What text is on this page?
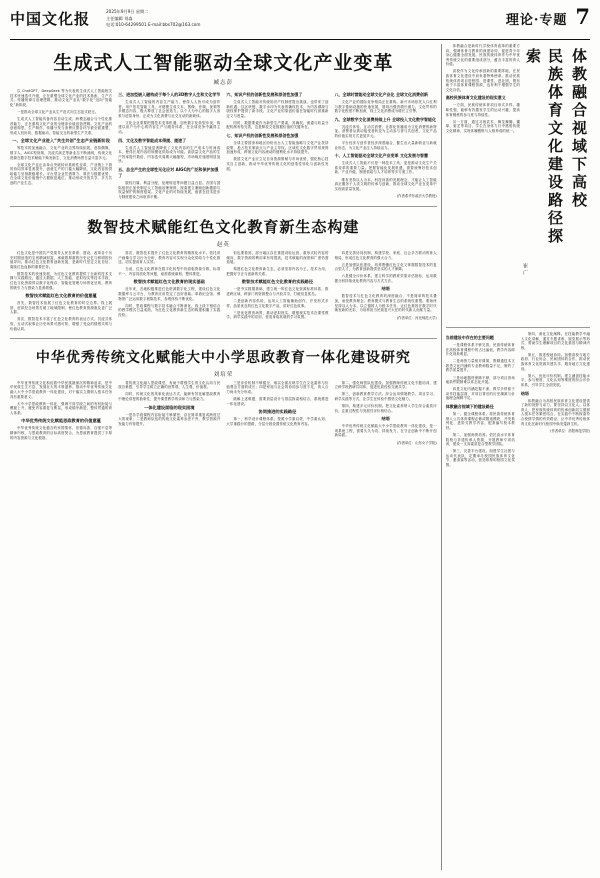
中国文化报	2025年9月9日 星期二
主任编辑 刘淼
电话:010-64299501 E-mail:bbs702@163.com	理论·专题 7
生成式人工智能驱动全球文化产业变革
臧志彭

以 ChatGPT、DeepSeek 等为代表的生成式人工智能相关技术快速迭代升级，正在重塑全球文化产业的技术基座、生产方式、传播规律与治理逻辑，推动文化产业从“数字化”迈向“智能化”新阶段。

一是推动全球文化产业从生产范式向生态范式跃迁。

生成式人工智能具备内容自动生成、跨模态融合与个性化推荐能力，正在重构文化产业的全链条价值创造逻辑。文化产品的创意构思、生产制作、传播分发与消费反馈各环节被全面重塑，形成人机协同、数据驱动、智能交互的新型生产关系。

一、全球文化产业进入“共生共创”生态产业链新阶段

等技术的加速融合，文化产业的边界持续拓展。虚拟偶像、数字人、AIGC短视频、沉浸式演艺等新业态不断涌现，传统文化资源在数字技术赋能下焕发新生，文化消费场景日益丰富多元。

全球文化产业正由单点突破转向系统性变革，产业链上下游的协同效率显著提升，创意生产的门槛大幅降低，文化内容的供给能力呈指数级增长。平台型企业凭借算力、算法与数据优势，在全球文化价值链中占据枢纽地位，推动形成开放共享、多方共创的产业生态。

三、进加型嵌入磁构成于每个人的3D数字人生和文化学节

生成式人工智能的内容生产能力，使得人人皆可成为创作者。用户依托智能工具，可便捷生成文本、图像、音频、视频等多模态内容，极大释放了社会创造力。以个人为中心的数字人形象与虚拟身份，正成为文化消费与社交互动的新载体。

文化企业需要把握技术变革机遇，加快数字化转型步伐，构建以用户为中心的内容生产与服务体系，在全球竞争中赢得主动。

四、文化及数字智能成本得提、提速了

生成式人工智能显著降低了文化内容的生产成本与时间成本，使得长尾内容的规模化供给成为可能。高质量文化产品的生产效率提升数倍，内容迭代周期大幅缩短，市场响应速度明显加快。

五、总全产生的全球性无化应对 AIGC的广泛和保护加强了

版权归属、利益分配、伦理规范等问题日益凸显。各国与国际组织正加快制定人工智能治理规则，探索建立兼顾创新激励与权益保护的制度框架。文化产业的可持续发展，亟需在技术进步与制度建设之间取得平衡。

六、知识产权的创新性发展和原创性加强了

生成式人工智能对传统知识产权制度提出挑战，也带来了创新机遇。以区块链、数字水印为代表的确权技术，为内容溯源与版权保护提供了新手段。文化产业的原创价值在智能时代被重新定义与度量。

同时，数据要素作为新型生产要素，其确权、流通与收益分配机制有待完善，这是释放文化数据价值的关键所在。

七、知识产权的创新性发展和原创性加强

全球主要国家和地区纷纷出台人工智能战略与文化产业扶持政策，抢占技术制高点与产业主导权。区域性文化数字贸易规则加速形成，跨境文化内容流动的便利化水平持续提升。

我国文化产业应立足自身资源禀赋与市场优势，强化核心技术自主创新，推动中华优秀传统文化的创造性转化与创新性发展。

八、全球时营能动全球文化产业化 全球文化消费创新

文化产业的国际竞争格局正在重构。新兴市场依托人口红利与数字基础设施的快速发展，展现出强劲增长潜力。文化贸易的数字化程度不断加深，线上文化消费成为增长主引擎。

九、全球数字文化消费持续上升 全球投入文化数字智能化

沉浸式体验、互动式消费、社群化传播成为文化消费的新特征。消费者从被动接受者转变为主动参与者与共创者，文化产品的价值实现方式更加多元。

平台经济与创作者经济深度融合，催生出大量新职业与新就业形态，为文化产业注入持续活力。

十、人工智能驱动全球文化产业变革 文化发展与智慧

生成式人工智能不仅是一种技术工具，更是推动文化生产关系变革的重要力量。把握智能化发展机遇，需要统筹好技术创新、产业升级、制度供给与人才培养等多方面工作。

唯有坚持以人为本、科技向善的发展理念，才能让人工智能真正服务于人类文明的传承与创新，推动全球文化产业在变革中实现高质量发展。

(作者系华东政法大学教授)
数智技术赋能红色文化教育新生态构建
赵英

红色文化是中国共产党领导人民在革命、建设、改革各个历史时期创造的宝贵精神财富，承载着厚重的历史记忆与鲜明的价值导向。推动红色文化教育创新发展，是新时代坚定文化自信、赓续红色血脉的重要任务。

数智技术的快速发展，为红色文化教育提供了全新的技术支撑与实践路径。通过大数据、人工智能、虚拟现实等技术手段，红色文化资源得以数字化保存、智能化管理与场景化呈现，教育的吸引力与感染力显著增强。

数智技术赋能红色文化教育的价值意蕴

首先，数智技术拓展了红色文化教育的时空边界。线上展馆、虚拟纪念场景打破了地域限制，使红色教育资源惠及更广泛人群。

其次，数智技术丰富了红色文化教育的表达方式。沉浸式体验、互动式叙事让历史场景可感可知，增强了受众的情感共鸣与价值认同。

再次，数智技术提升了红色文化教育的精准化水平。依托用户画像与学习行为分析，教育内容可实现分众化供给与个性化推送，切实提高育人实效。

当前，红色文化教育在数字化转型中仍面临资源分散、标准不一、内容同质化等问题，亟需系统谋划、整体推进。

数智技术赋能红色文化教育的现实基础

近年来，各地积极推进红色资源数字化工程，建设红色文化数据库与云平台，为教育应用奠定了良好基础。革命纪念馆、博物馆广泛运用数字展陈技术，参观体验不断优化。

同时，思政课程与数字技术融合不断深化，线上线下相结合的教学模式日益成熟，为红色文化教育新生态的构建积累了实践经验。

但也要看到，部分地区存在重建设轻运营、重形式轻内容的倾向，数字资源的利用率有待提高，技术赋能的深度和广度仍需拓展。

构建红色文化教育新生态，必须坚持内容为王、技术为用，把握好守正与创新的关系。

数智技术赋能红色文化教育的实践路径

一是夯实数据基础，建立统一的红色文化资源标准体系，推进跨区域、跨部门的资源整合与开放共享，打破信息孤岛。

二是创新内容供给，运用人工智能辅助创作，开发形式多样、品质优良的红色文化数字产品，讲好红色故事。

三是优化教育场景，推动虚拟现实、增强现实技术在课堂教学、研学实践中的应用，营造身临其境的学习氛围。

四是完善协同机制，构建学校、家庭、社会多方联动的育人格局，形成红色文化教育的强大合力。

五是加强队伍建设，培养既懂红色文化又掌握数智技术的复合型人才，为教育创新提供坚实的人才保障。

六是健全评价体系，建立科学的教育效果评估指标，运用数据分析持续优化教育内容与方式方法。

结语

数智技术与红色文化教育的深度融合，不是简单的技术叠加，而是教育理念、教育模式与教育生态的系统性重塑。要始终坚持以人为本，以立德树人为根本任务，让红色基因在数字时代焕发新的光彩，为培养担当民族复兴大任的时代新人贡献力量。

(作者单位：河北师范大学)
中华优秀传统文化赋能大中小学思政教育一体化建设研究
刘培荣

中华优秀传统文化积淀着中华民族最深沉的精神追求，是中华民族生生不息、发展壮大的丰厚滋养。推动中华优秀传统文化融入大中小学思政教育一体化建设，对于落实立德树人根本任务具有重要意义。

大中小学思政教育一体化，强调不同学段之间的有机衔接与螺旋上升，避免内容重复与断层，形成循序渐进、整体贯通的育人体系。

中华优秀传统文化赋能思政教育的价值意蕴

中华优秀传统文化蕴含的家国情怀、崇德向善、自强不息等精神内核，与思政教育的目标高度契合，为思政教育提供了丰厚的内容资源与文化根基。

将传统文化融入思政课堂，有助于增强学生的文化认同与民族自豪感，引导学生树立正确的世界观、人生观、价值观。

同时，传统文化的具象化表达方式，能够有效化解思政教育中理论讲授的抽象性，提升课堂教学的亲和力与感染力。

一体化建设面临的现实困境

一是各学段课程内容衔接不够紧密，存在简单重复或跨度过大的现象；二是教师队伍的传统文化素养参差不齐，教学资源开发能力有待提升。

三是评价机制不够健全，难以全面反映学生在文化素养与价值观念方面的成长；四是家庭与社会的协同参与度不足，育人合力尚未充分形成。

破解上述难题，需要顶层设计与基层探索相结合，系统推进一体化建设。

协同推进的实践路径

第一，科学设计课程体系。按照小学重启蒙、中学重认知、大学重践行的思路，分层分段设置传统文化教育内容。

第二，强化师资队伍建设。加强教师传统文化专题培训，建立跨学段教研共同体，促进优质经验交流共享。

第三，创新教育教学方法。综合运用情境教学、项目学习、研学实践等方式，让学生在体验中感悟文化魅力。

第四，构建多元评价机制。把文化素养纳入学生综合素质评价，注重过程性与发展性评价相结合。

结语

中华优秀传统文化赋能大中小学思政教育一体化建设，是一项系统工程，需要久久为功、持续发力，在守正创新中不断开创新局面。

(作者单位：山东女子学院)
体教融合视域下高校
民族体育文化建设路径探索
崔广

体教融合是新时代学校体育改革的重要方向，强调体育与教育的深度协同，促进青少年身心健康全面发展。民族传统体育作为中华优秀传统文化的重要组成部分，蕴含丰富的育人价值。

高校作为文化传承创新的重要阵地，在民族体育文化建设中肩负着特殊使命。推动民族传统体育项目进校园、进课堂、进社团，既有助于丰富体育课程资源，也有利于增强学生的文化自信。

高校民族体育文化建设的现实意义

一方面，民族传统体育项目形式多样、趣味性强，能够有效激发学生的运动兴趣，提高体育锻炼的参与度与持续性。

另一方面，通过习练武术、舞龙舞狮、毽球、射艺等项目，学生在身体力行中感悟传统文化精神，实现体魄锻炼与人格养成的统一。

当前建设中存在的主要问题

一是课程体系不够完善，民族传统体育在高校体育课程中的占比偏低，教学内容碎片化现象明显。

二是师资力量相对薄弱，既精通技术又熟悉文化内涵的专业教师数量不足，制约了教学质量提升。

三是场地器材保障不够，部分项目因场地条件限制难以常态化开展。

四是文化内涵挖掘不深，教学多停留于动作技能层面，对项目背后的历史渊源与价值理念阐释不足。

体教融合视域下的建设路径

第一，健全课程体系。将民族传统体育纳入公共体育课程必修或限选模块，开发系列化、进阶式教学内容，配套编写校本教材。

第二，加强师资培养。依托高水平体育院校与非遗传承人资源，开展教师专项培训，建设一支高素质复合型教学团队。

第三，完善平台建设。组建学生社团与运动代表队，定期举办校园民族体育文化节、邀请赛等活动，营造浓厚的校园文化氛围。

第四，深化文化阐释。在技能教学中融入文化讲解，通过专题讲座、展览展示等形式，帮助学生理解项目的文化基因与精神内核。

第五，推进校地协同。加强高校与地方政府、行业协会、民间团体的合作，推动民族体育文化资源共建共享，服务地方文化建设。

第六，优化评价机制。建立涵盖技能水平、参与程度、文化认知等维度的综合评价体系，引导学生全面发展。

结语

体教融合为高校民族体育文化建设提供了新的视野与动力。要坚持以文化人、以体育人，把民族传统体育的传承创新同立德树人根本任务紧密结合，在实践中不断探索符合校情学情的有效路径，让中华优秀传统体育文化在新时代校园中焕发蓬勃生机。

(作者单位：洛阳师范学院)
